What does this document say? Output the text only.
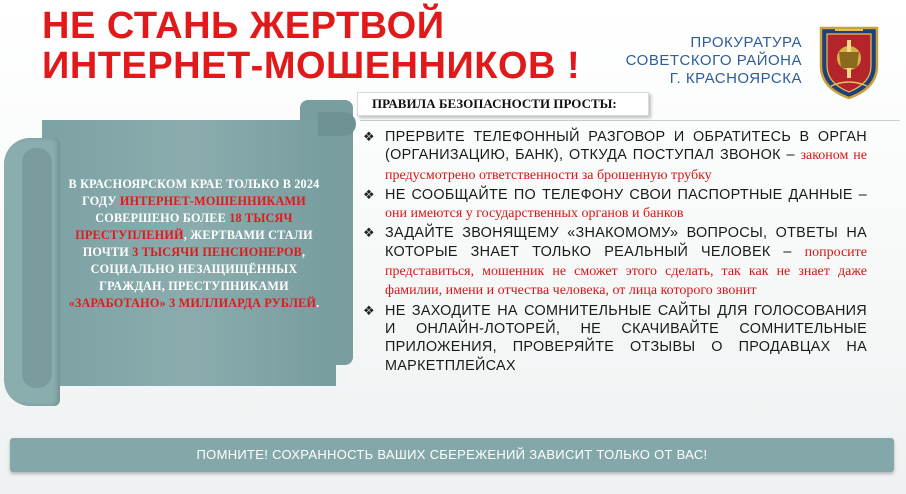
НЕ СТАНЬ ЖЕРТВОЙ
ИНТЕРНЕТ-МОШЕННИКОВ !
ПРОКУРАТУРА
СОВЕТСКОГО РАЙОНА
Г. КРАСНОЯРСКА

В КРАСНОЯРСКОМ КРАЕ ТОЛЬКО В 2024 ГОДУ ИНТЕРНЕТ-МОШЕННИКАМИ СОВЕРШЕНО БОЛЕЕ 18 ТЫСЯЧ ПРЕСТУПЛЕНИЙ, ЖЕРТВАМИ СТАЛИ ПОЧТИ 3 ТЫСЯЧИ ПЕНСИОНЕРОВ, СОЦИАЛЬНО НЕЗАЩИЩЁННЫХ ГРАЖДАН, ПРЕСТУПНИКАМИ «ЗАРАБОТАНО» 3 МИЛЛИАРДА РУБЛЕЙ.
ПРАВИЛА БЕЗОПАСНОСТИ ПРОСТЫ:
❖ ПРЕРВИТЕ ТЕЛЕФОННЫЙ РАЗГОВОР И ОБРАТИТЕСЬ В ОРГАН (ОРГАНИЗАЦИЮ, БАНК), ОТКУДА ПОСТУПАЛ ЗВОНОК – законом не предусмотрено ответственности за брошенную трубку
❖ НЕ СООБЩАЙТЕ ПО ТЕЛЕФОНУ СВОИ ПАСПОРТНЫЕ ДАННЫЕ – они имеются у государственных органов и банков
❖ ЗАДАЙТЕ ЗВОНЯЩЕМУ «ЗНАКОМОМУ» ВОПРОСЫ, ОТВЕТЫ НА КОТОРЫЕ ЗНАЕТ ТОЛЬКО РЕАЛЬНЫЙ ЧЕЛОВЕК – попросите представиться, мошенник не сможет этого сделать, так как не знает даже фамилии, имени и отчества человека, от лица которого звонит
❖ НЕ ЗАХОДИТЕ НА СОМНИТЕЛЬНЫЕ САЙТЫ ДЛЯ ГОЛОСОВАНИЯ И ОНЛАЙН-ЛОТОРЕЙ, НЕ СКАЧИВАЙТЕ СОМНИТЕЛЬНЫЕ ПРИЛОЖЕНИЯ, ПРОВЕРЯЙТЕ ОТЗЫВЫ О ПРОДАВЦАХ НА МАРКЕТПЛЕЙСАХ
ПОМНИТЕ! СОХРАННОСТЬ ВАШИХ СБЕРЕЖЕНИЙ ЗАВИСИТ ТОЛЬКО ОТ ВАС!
